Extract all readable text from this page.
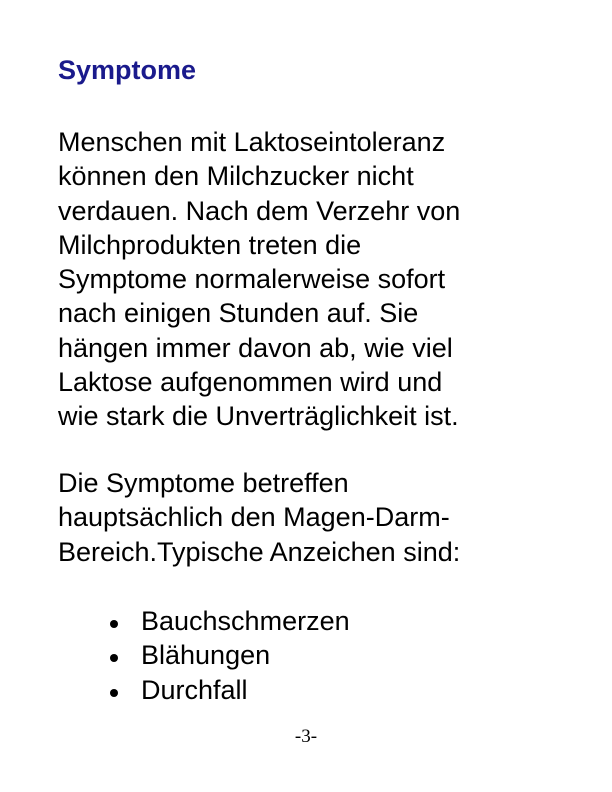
Symptome

Menschen mit Laktoseintoleranz
können den Milchzucker nicht
verdauen. Nach dem Verzehr von
Milchprodukten treten die
Symptome normalerweise sofort
nach einigen Stunden auf. Sie
hängen immer davon ab, wie viel
Laktose aufgenommen wird und
wie stark die Unverträglichkeit ist.

Die Symptome betreffen
hauptsächlich den Magen-Darm-
Bereich.Typische Anzeichen sind:

Bauchschmerzen
Blähungen
Durchfall
-3-
